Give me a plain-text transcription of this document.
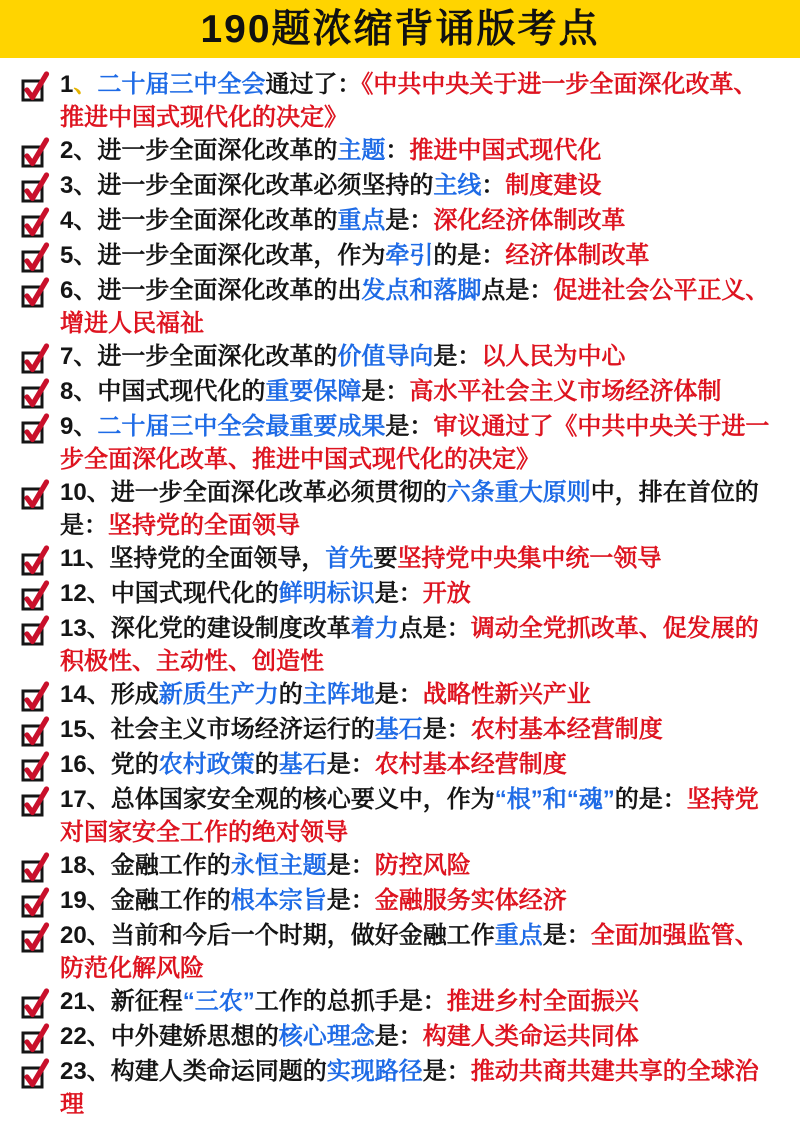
190题浓缩背诵版考点
1、二十届三中全会通过了：《中共中央关于进一步全面深化改革、推进中国式现代化的决定》
2、进一步全面深化改革的主题：推进中国式现代化
3、进一步全面深化改革必须坚持的主线：制度建设
4、进一步全面深化改革的重点是：深化经济体制改革
5、进一步全面深化改革，作为牵引的是：经济体制改革
6、进一步全面深化改革的出发点和落脚点是：促进社会公平正义、增进人民福祉
7、进一步全面深化改革的价值导向是：以人民为中心
8、中国式现代化的重要保障是：高水平社会主义市场经济体制
9、二十届三中全会最重要成果是：审议通过了《中共中央关于进一步全面深化改革、推进中国式现代化的决定》
10、进一步全面深化改革必须贯彻的六条重大原则中，排在首位的是：坚持党的全面领导
11、坚持党的全面领导，首先要坚持党中央集中统一领导
12、中国式现代化的鲜明标识是：开放
13、深化党的建设制度改革着力点是：调动全党抓改革、促发展的积极性、主动性、创造性
14、形成新质生产力的主阵地是：战略性新兴产业
15、社会主义市场经济运行的基石是：农村基本经营制度
16、党的农村政策的基石是：农村基本经营制度
17、总体国家安全观的核心要义中，作为“根”和“魂”的是：坚持党对国家安全工作的绝对领导
18、金融工作的永恒主题是：防控风险
19、金融工作的根本宗旨是：金融服务实体经济
20、当前和今后一个时期，做好金融工作重点是：全面加强监管、防范化解风险
21、新征程“三农”工作的总抓手是：推进乡村全面振兴
22、中外建娇思想的核心理念是：构建人类命运共同体
23、构建人类命运同题的实现路径是：推动共商共建共享的全球治理
